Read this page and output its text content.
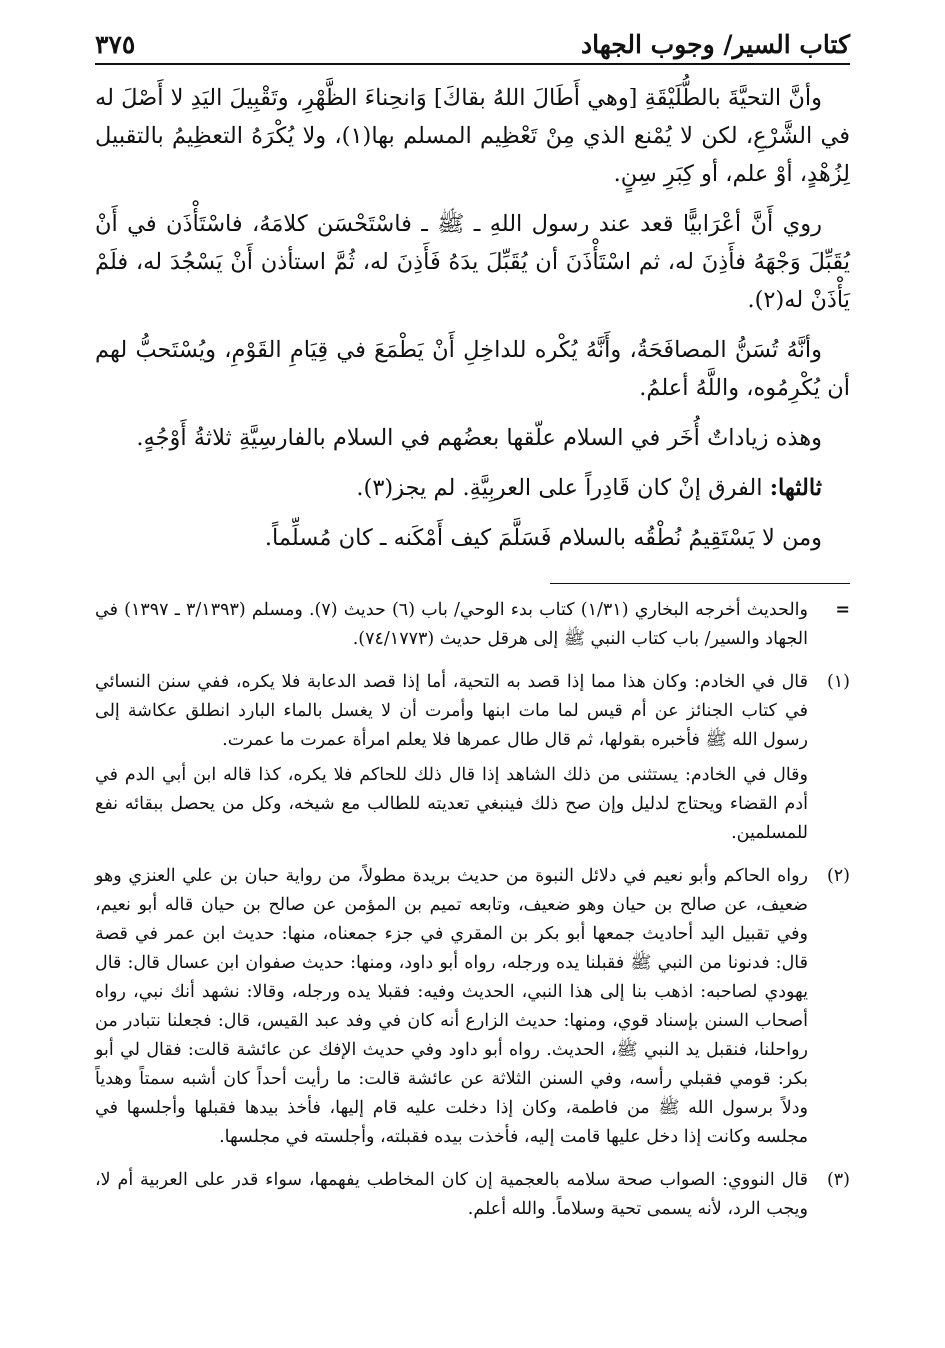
كتاب السير/ وجوب الجهاد
٣٧٥

وأنَّ التحيَّةَ بالطُّلَيْقَةِ [وهي أَطَالَ اللهُ بقاكَ] وَانحِناءَ الظَّهْرِ، وتَقْبِيلَ اليَدِ لا أَصْلَ له في الشَّرْعِ، لكن لا يُمْنع الذي مِنْ تَعْظِيم المسلم بها(١)، ولا يُكْرَهُ التعظِيمُ بالتقبيل لِزُهْدٍ، أوْ علم، أو كِبَرِ سِنٍ.

روي أَنَّ أعْرَابيًّا قعد عند رسول اللهِ ـ ﷺ ـ فاسْتَحْسَن كلامَهُ، فاسْتَأْذَن في أَنْ يُقَبِّلَ وَجْهَهُ فأَذِنَ له، ثم اسْتَأْذَنَ أن يُقَبِّلَ يدَهُ فَأَذِنَ له، ثُمَّ استأذن أَنْ يَسْجُدَ له، فلَمْ يَأْذَنْ له(٢).

وأنَّهُ تُسَنُّ المصافَحَةُ، وأَنَّهُ يُكْره للداخِلِ أَنْ يَطْمَعَ في قِيَامِ القَوْمِ، ويُسْتَحبُّ لهم أن يُكْرِمُوه، واللَّهُ أعلمُ.

وهذه زياداتٌ أُخَر في السلام علّقها بعضُهم في السلام بالفارسِيَّةِ ثلاثةُ أَوْجُهٍ.

ثالثها: الفرق إنْ كان قَادِراً على العربِيَّةِ. لم يجز(٣).

ومن لا يَسْتَقِيمُ نُطْقُه بالسلام فَسَلَّمَ كيف أَمْكَنه ـ كان مُسلِّماً.

=

والحديث أخرجه البخاري (١/٣١) كتاب بدء الوحي/ باب (٦) حديث (٧). ومسلم (٣/١٣٩٣ ـ ١٣٩٧) في الجهاد والسير/ باب كتاب النبي ﷺ إلى هرقل حديث (٧٤/١٧٧٣).

(١)

قال في الخادم: وكان هذا مما إذا قصد به التحية، أما إذا قصد الدعابة فلا يكره، ففي سنن النسائي في كتاب الجنائز عن أم قيس لما مات ابنها وأمرت أن لا يغسل بالماء البارد انطلق عكاشة إلى رسول الله ﷺ فأخبره بقولها، ثم قال طال عمرها فلا يعلم امرأة عمرت ما عمرت.

وقال في الخادم: يستثنى من ذلك الشاهد إذا قال ذلك للحاكم فلا يكره، كذا قاله ابن أبي الدم في أدم القضاء ويحتاج لدليل وإن صح ذلك فينبغي تعديته للطالب مع شيخه، وكل من يحصل ببقائه نفع للمسلمين.

(٢)

رواه الحاكم وأبو نعيم في دلائل النبوة من حديث بريدة مطولاً، من رواية حبان بن علي العنزي وهو ضعيف، عن صالح بن حيان وهو ضعيف، وتابعه تميم بن المؤمن عن صالح بن حيان قاله أبو نعيم، وفي تقبيل اليد أحاديث جمعها أبو بكر بن المقري في جزء جمعناه، منها: حديث ابن عمر في قصة قال: فدنونا من النبي ﷺ فقبلنا يده ورجله، رواه أبو داود، ومنها: حديث صفوان ابن عسال قال: قال يهودي لصاحبه: اذهب بنا إلى هذا النبي، الحديث وفيه: فقبلا يده ورجله، وقالا: نشهد أنك نبي، رواه أصحاب السنن بإسناد قوي، ومنها: حديث الزارع أنه كان في وفد عبد القيس، قال: فجعلنا نتبادر من رواحلنا، فنقبل يد النبي ﷺ، الحديث. رواه أبو داود وفي حديث الإفك عن عائشة قالت: فقال لي أبو بكر: قومي فقبلي رأسه، وفي السنن الثلاثة عن عائشة قالت: ما رأيت أحداً كان أشبه سمتاً وهدياً ودلاً برسول الله ﷺ من فاطمة، وكان إذا دخلت عليه قام إليها، فأخذ بيدها فقبلها وأجلسها في مجلسه وكانت إذا دخل عليها قامت إليه، فأخذت بيده فقبلته، وأجلسته في مجلسها.

(٣)

قال النووي: الصواب صحة سلامه بالعجمية إن كان المخاطب يفهمها، سواء قدر على العربية أم لا، ويجب الرد، لأنه يسمى تحية وسلاماً. والله أعلم.
